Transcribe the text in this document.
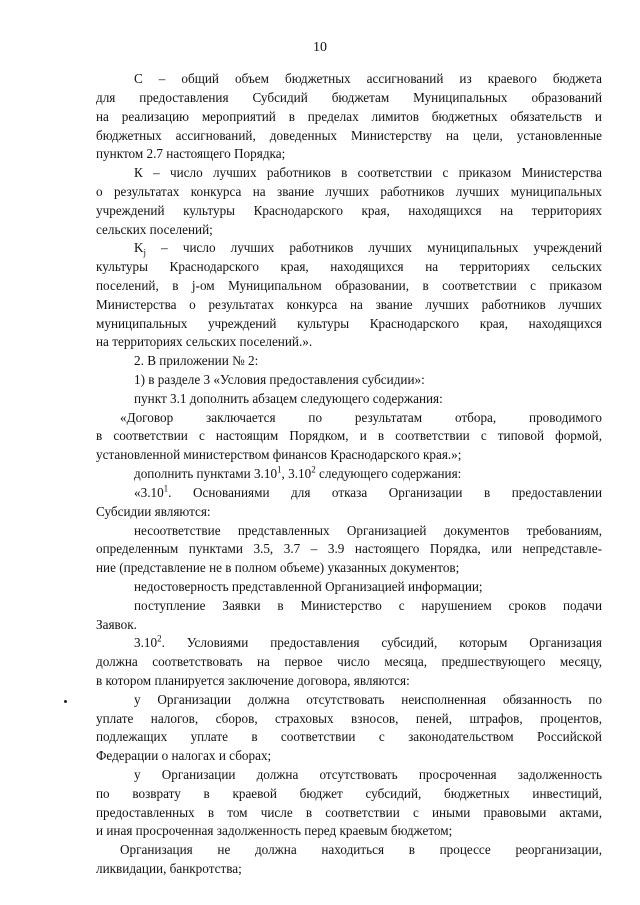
10
С – общий объем бюджетных ассигнований из краевого бюджета
для предоставления Субсидий бюджетам Муниципальных образований
на реализацию мероприятий в пределах лимитов бюджетных обязательств и
бюджетных ассигнований, доведенных Министерству на цели, установленные
пунктом 2.7 настоящего Порядка;
К – число лучших работников в соответствии с приказом Министерства
о результатах конкурса на звание лучших работников лучших муниципальных
учреждений культуры Краснодарского края, находящихся на территориях
сельских поселений;
$K_j$ – число лучших работников лучших муниципальных учреждений
культуры Краснодарского края, находящихся на территориях сельских
поселений, в j-ом Муниципальном образовании, в соответствии с приказом
Министерства о результатах конкурса на звание лучших работников лучших
муниципальных учреждений культуры Краснодарского края, находящихся
на территориях сельских поселений.».
2. В приложении № 2:
1) в разделе 3 «Условия предоставления субсидии»:
пункт 3.1 дополнить абзацем следующего содержания:
«Договор заключается по результатам отбора, проводимого
в соответствии с настоящим Порядком, и в соответствии с типовой формой,
установленной министерством финансов Краснодарского края.»;
дополнить пунктами 3.10$^1$, 3.10$^2$ следующего содержания:
«3.10$^1$. Основаниями для отказа Организации в предоставлении
Субсидии являются:
несоответствие представленных Организацией документов требованиям,
определенным пунктами 3.5, 3.7 – 3.9 настоящего Порядка, или непредставле-
ние (представление не в полном объеме) указанных документов;
недостоверность представленной Организацией информации;
поступление Заявки в Министерство с нарушением сроков подачи
Заявок.
3.10$^2$. Условиями предоставления субсидий, которым Организация
должна соответствовать на первое число месяца, предшествующего месяцу,
в котором планируется заключение договора, являются:
у Организации должна отсутствовать неисполненная обязанность по
уплате налогов, сборов, страховых взносов, пеней, штрафов, процентов,
подлежащих уплате в соответствии с законодательством Российской
Федерации о налогах и сборах;
у Организации должна отсутствовать просроченная задолженность
по возврату в краевой бюджет субсидий, бюджетных инвестиций,
предоставленных в том числе в соответствии с иными правовыми актами,
и иная просроченная задолженность перед краевым бюджетом;
Организация не должна находиться в процессе реорганизации,
ликвидации, банкротства;
